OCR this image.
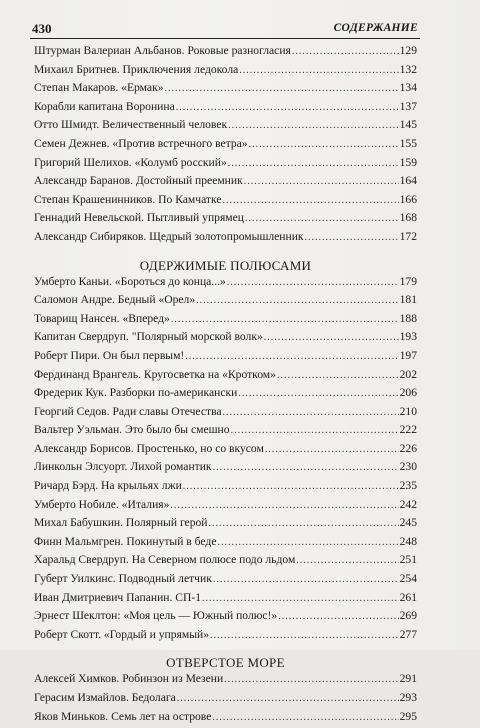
430	СОДЕРЖАНИЕ
Штурман Валериан Альбанов. Роковые разногласия .....	129
Михаил Бритнев. Приключения ледокола .....	132
Степан Макаров. «Ермак» .....	134
Корабли капитана Воронина .....	137
Отто Шмидт. Величественный человек .....	145
Семен Дежнев. «Против встречного ветра» .....	155
Григорий Шелихов. «Колумб росский» .....	159
Александр Баранов. Достойный преемник .....	164
Степан Крашенинников. По Камчатке .....	166
Геннадий Невельской. Пытливый упрямец .....	168
Александр Сибиряков. Щедрый золотопромышленник .....	172
ОДЕРЖИМЫЕ ПОЛЮСАМИ
Умберто Каньи. «Бороться до конца...» .....	179
Саломон Андре. Бедный «Орел» .....	181
Товарищ Нансен. «Вперед» .....	188
Капитан Свердруп. "Полярный морской волк» .....	193
Роберт Пири. Он был первым! .....	197
Фердинанд Врангель. Кругосветка на «Кротком» .....	202
Фредерик Кук. Разборки по-американски .....	206
Георгий Седов. Ради славы Отечества .....	210
Вальтер Уэльман. Это было бы смешно .....	222
Александр Борисов. Простенько, но со вкусом .....	226
Линкольн Элсуорт. Лихой романтик .....	230
Ричард Бэрд. На крыльях лжи .....	235
Умберто Нобиле. «Италия» .....	242
Михал Бабушкин. Полярный герой .....	245
Финн Мальмгрен. Покинутый в беде .....	248
Харальд Свердруп. На Северном полюсе подо льдом .....	251
Губерт Уилкинс. Подводный летчик .....	254
Иван Дмитриевич Папанин. СП-1 .....	261
Эрнест Шеклтон: «Моя цель — Южный полюс!» .....	269
Роберт Скотт. «Гордый и упрямый» .....	277
ОТВЕРСТОЕ МОРЕ
Алексей Химков. Робинзон из Мезени .....	291
Герасим Измайлов. Бедолага .....	293
Яков Миньков. Семь лет на острове .....	295
